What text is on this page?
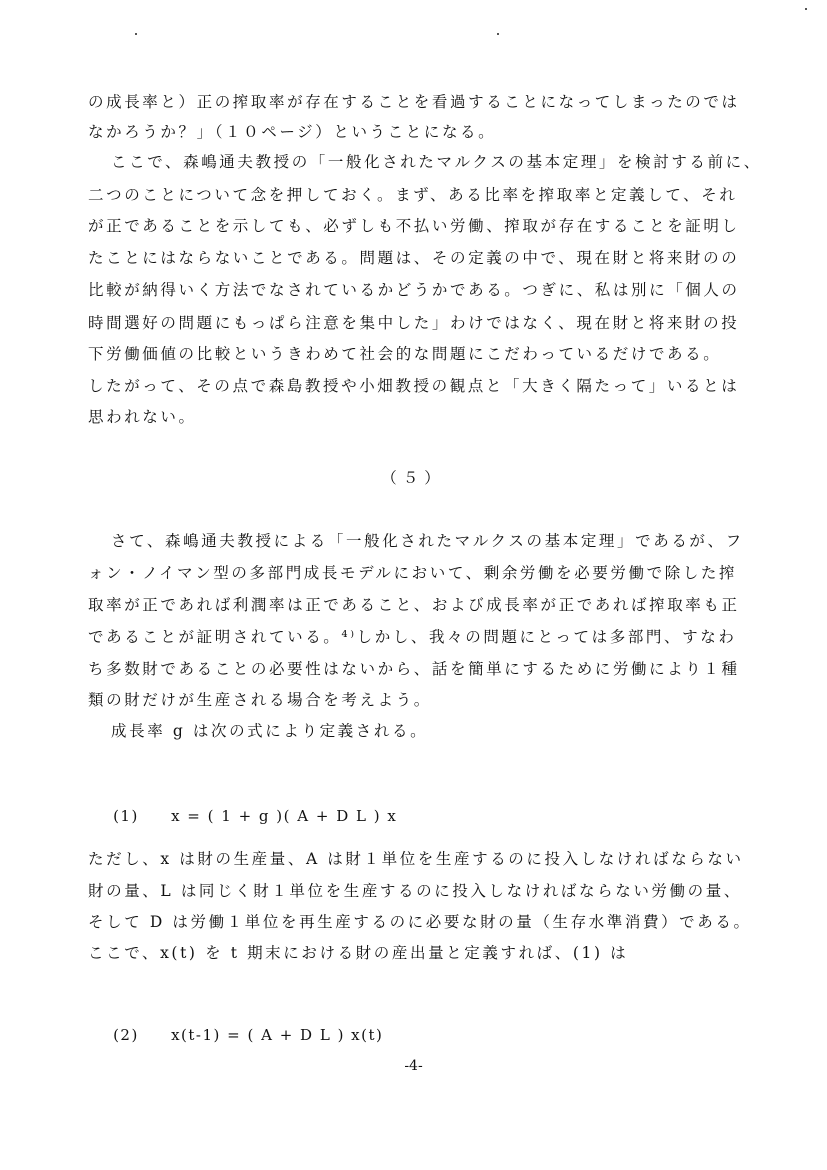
の成長率と）正の搾取率が存在することを看過することになってしまったのでは
なかろうか？」（１０ページ）ということになる。
ここで、森嶋通夫教授の「一般化されたマルクスの基本定理」を検討する前に、
二つのことについて念を押しておく。まず、ある比率を搾取率と定義して、それ
が正であることを示しても、必ずしも不払い労働、搾取が存在することを証明し
たことにはならないことである。問題は、その定義の中で、現在財と将来財のの
比較が納得いく方法でなされているかどうかである。つぎに、私は別に「個人の
時間選好の問題にもっぱら注意を集中した」わけではなく、現在財と将来財の投
下労働価値の比較というきわめて社会的な問題にこだわっているだけである。
したがって、その点で森島教授や小畑教授の観点と「大きく隔たって」いるとは
思われない。
（５）
さて、森嶋通夫教授による「一般化されたマルクスの基本定理」であるが、フ
ォン・ノイマン型の多部門成長モデルにおいて、剰余労働を必要労働で除した搾
取率が正であれば利潤率は正であること、および成長率が正であれば搾取率も正
であることが証明されている。⁴⁾しかし、我々の問題にとっては多部門、すなわ
ち多数財であることの必要性はないから、話を簡単にするために労働により１種
類の財だけが生産される場合を考えよう。
成長率 g は次の式により定義される。

(1) x = ( 1 + g )( A + D L ) x

ただし、x は財の生産量、A は財１単位を生産するのに投入しなければならない
財の量、L は同じく財１単位を生産するのに投入しなければならない労働の量、
そして D は労働１単位を再生産するのに必要な財の量（生存水準消費）である。
ここで、x(t) を t 期末における財の産出量と定義すれば、(1) は

(2) x(t-1) = ( A + D L ) x(t)

-4-
